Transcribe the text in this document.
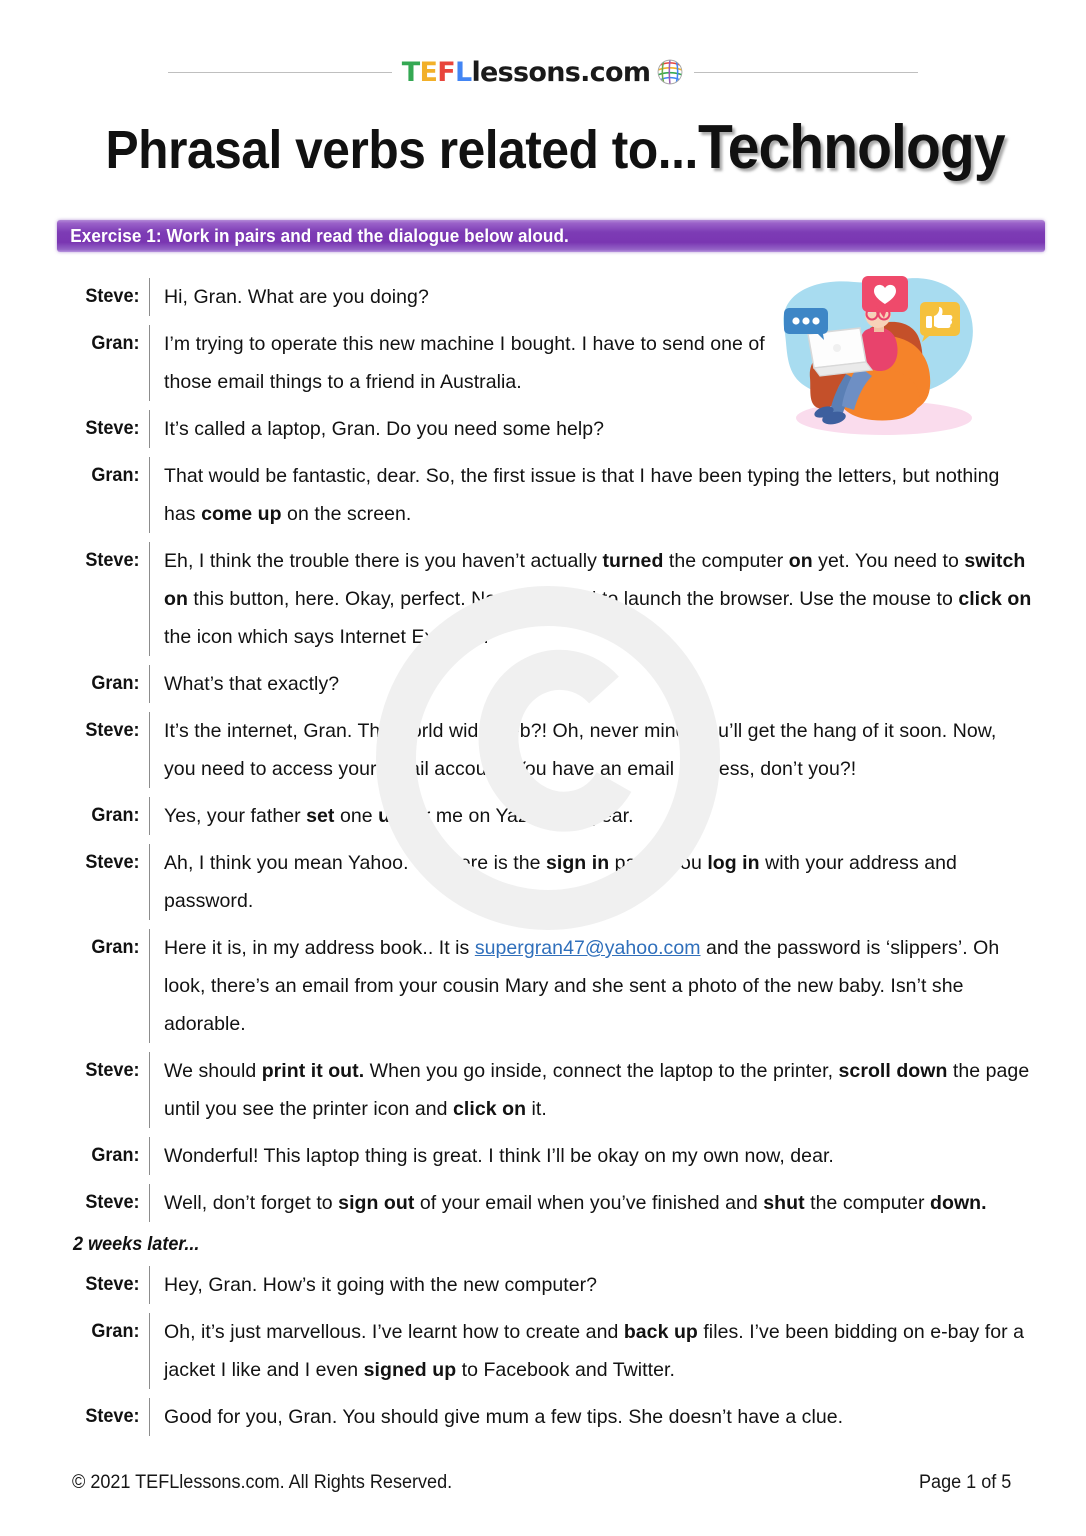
TEFLlessons.com
Phrasal verbs related to...Technology
Exercise 1: Work in pairs and read the dialogue below aloud.
Steve:	Hi, Gran. What are you doing?
Gran:	I’m trying to operate this new machine I bought. I have to send one of those email things to a friend in Australia.
Steve:	It’s called a laptop, Gran. Do you need some help?
Gran:	That would be fantastic, dear. So, the first issue is that I have been typing the letters, but nothing has come up on the screen.
Steve:	Eh, I think the trouble there is you haven’t actually turned the computer on yet. You need to switch on this button, here. Okay, perfect. Now you need to launch the browser. Use the mouse to click on the icon which says Internet Explorer.
Gran:	What’s that exactly?
Steve:	It’s the internet, Gran. The world wide web?! Oh, never mind, you’ll get the hang of it soon. Now, you need to access your email account. You have an email address, don’t you?!
Gran:	Yes, your father set one up for me on Yazoo last year.
Steve:	Ah, I think you mean Yahoo. So, here is the sign in page. You log in with your address and password.
Gran:	Here it is, in my address book.. It is supergran47@yahoo.com and the password is ‘slippers’. Oh look, there’s an email from your cousin Mary and she sent a photo of the new baby. Isn’t she adorable.
Steve:	We should print it out. When you go inside, connect the laptop to the printer, scroll down the page until you see the printer icon and click on it.
Gran:	Wonderful! This laptop thing is great. I think I’ll be okay on my own now, dear.
Steve:	Well, don’t forget to sign out of your email when you’ve finished and shut the computer down.
2 weeks later...
Steve:	Hey, Gran. How’s it going with the new computer?
Gran:	Oh, it’s just marvellous. I’ve learnt how to create and back up files. I’ve been bidding on e-bay for a jacket I like and I even signed up to Facebook and Twitter.
Steve:	Good for you, Gran. You should give mum a few tips. She doesn’t have a clue.
© 2021 TEFLlessons.com. All Rights Reserved.	Page 1 of 5
